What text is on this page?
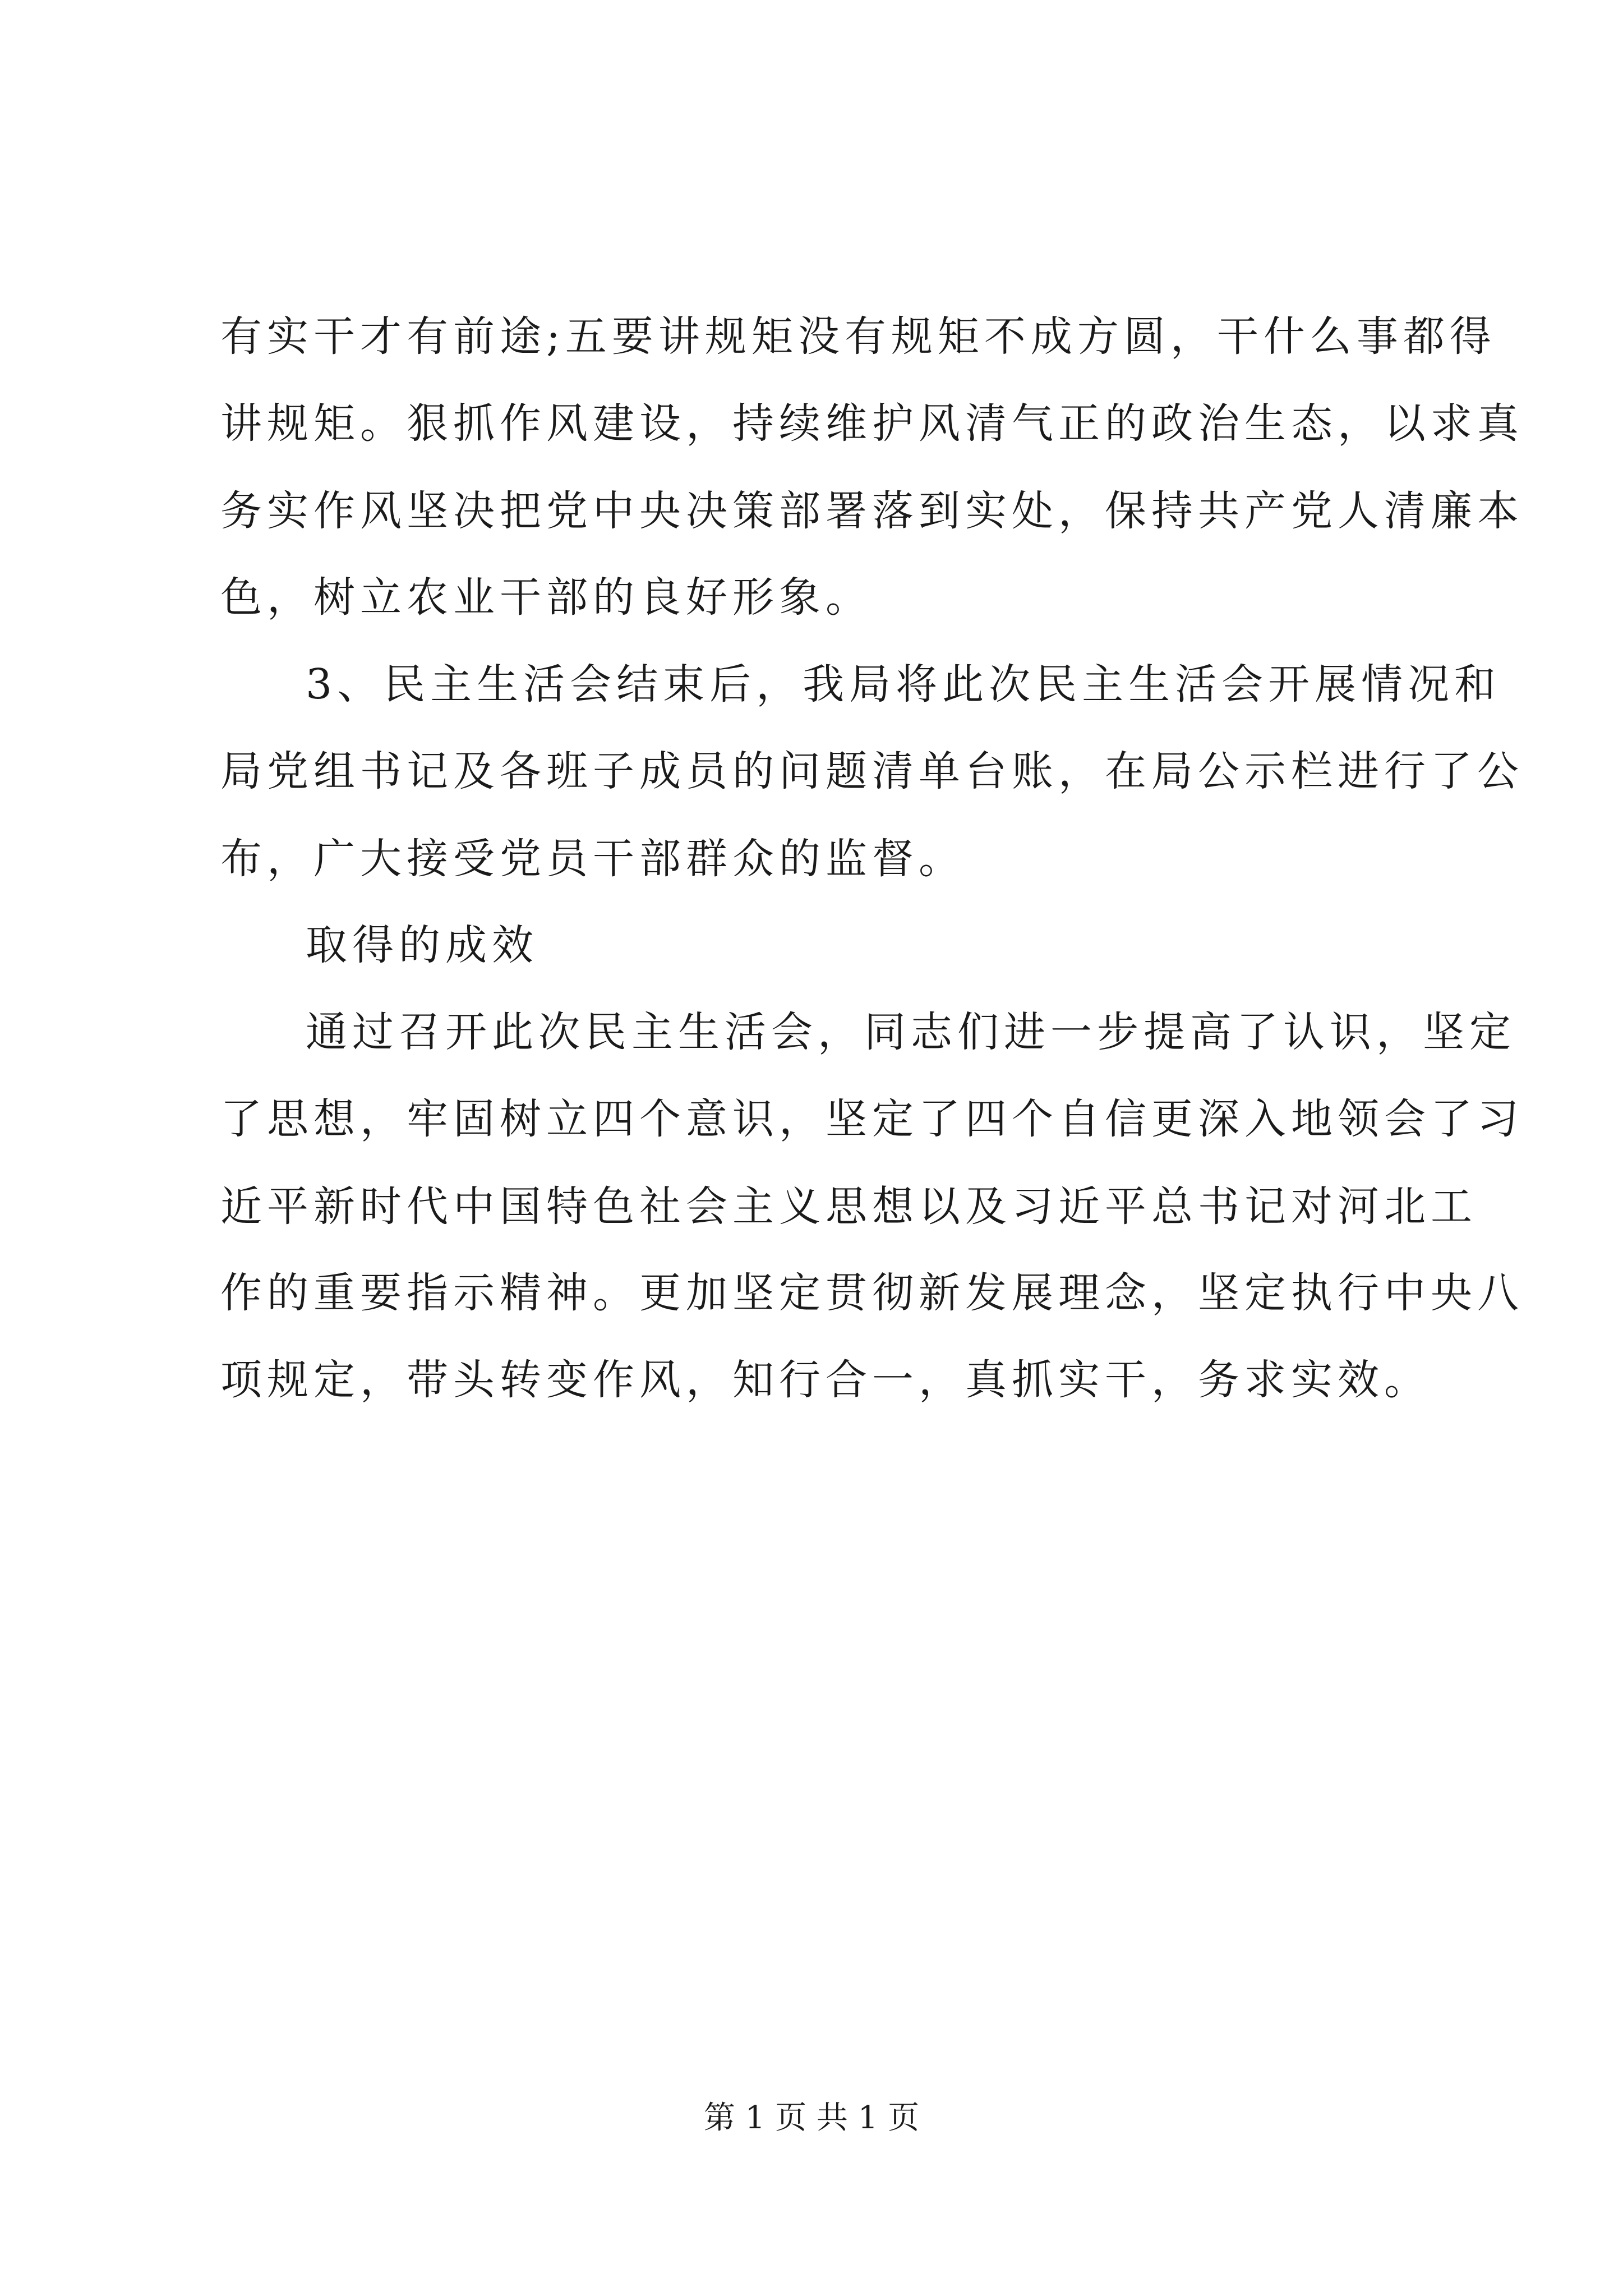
有实干才有前途;五要讲规矩没有规矩不成方圆，干什么事都得
讲规矩。狠抓作风建设，持续维护风清气正的政治生态，以求真
务实作风坚决把党中央决策部署落到实处，保持共产党人清廉本
色，树立农业干部的良好形象。
3、民主生活会结束后，我局将此次民主生活会开展情况和
局党组书记及各班子成员的问题清单台账，在局公示栏进行了公
布，广大接受党员干部群众的监督。
取得的成效
通过召开此次民主生活会，同志们进一步提高了认识，坚定
了思想，牢固树立四个意识，坚定了四个自信更深入地领会了习
近平新时代中国特色社会主义思想以及习近平总书记对河北工
作的重要指示精神。更加坚定贯彻新发展理念，坚定执行中央八
项规定，带头转变作风，知行合一，真抓实干，务求实效。
第 1 页 共 1 页
